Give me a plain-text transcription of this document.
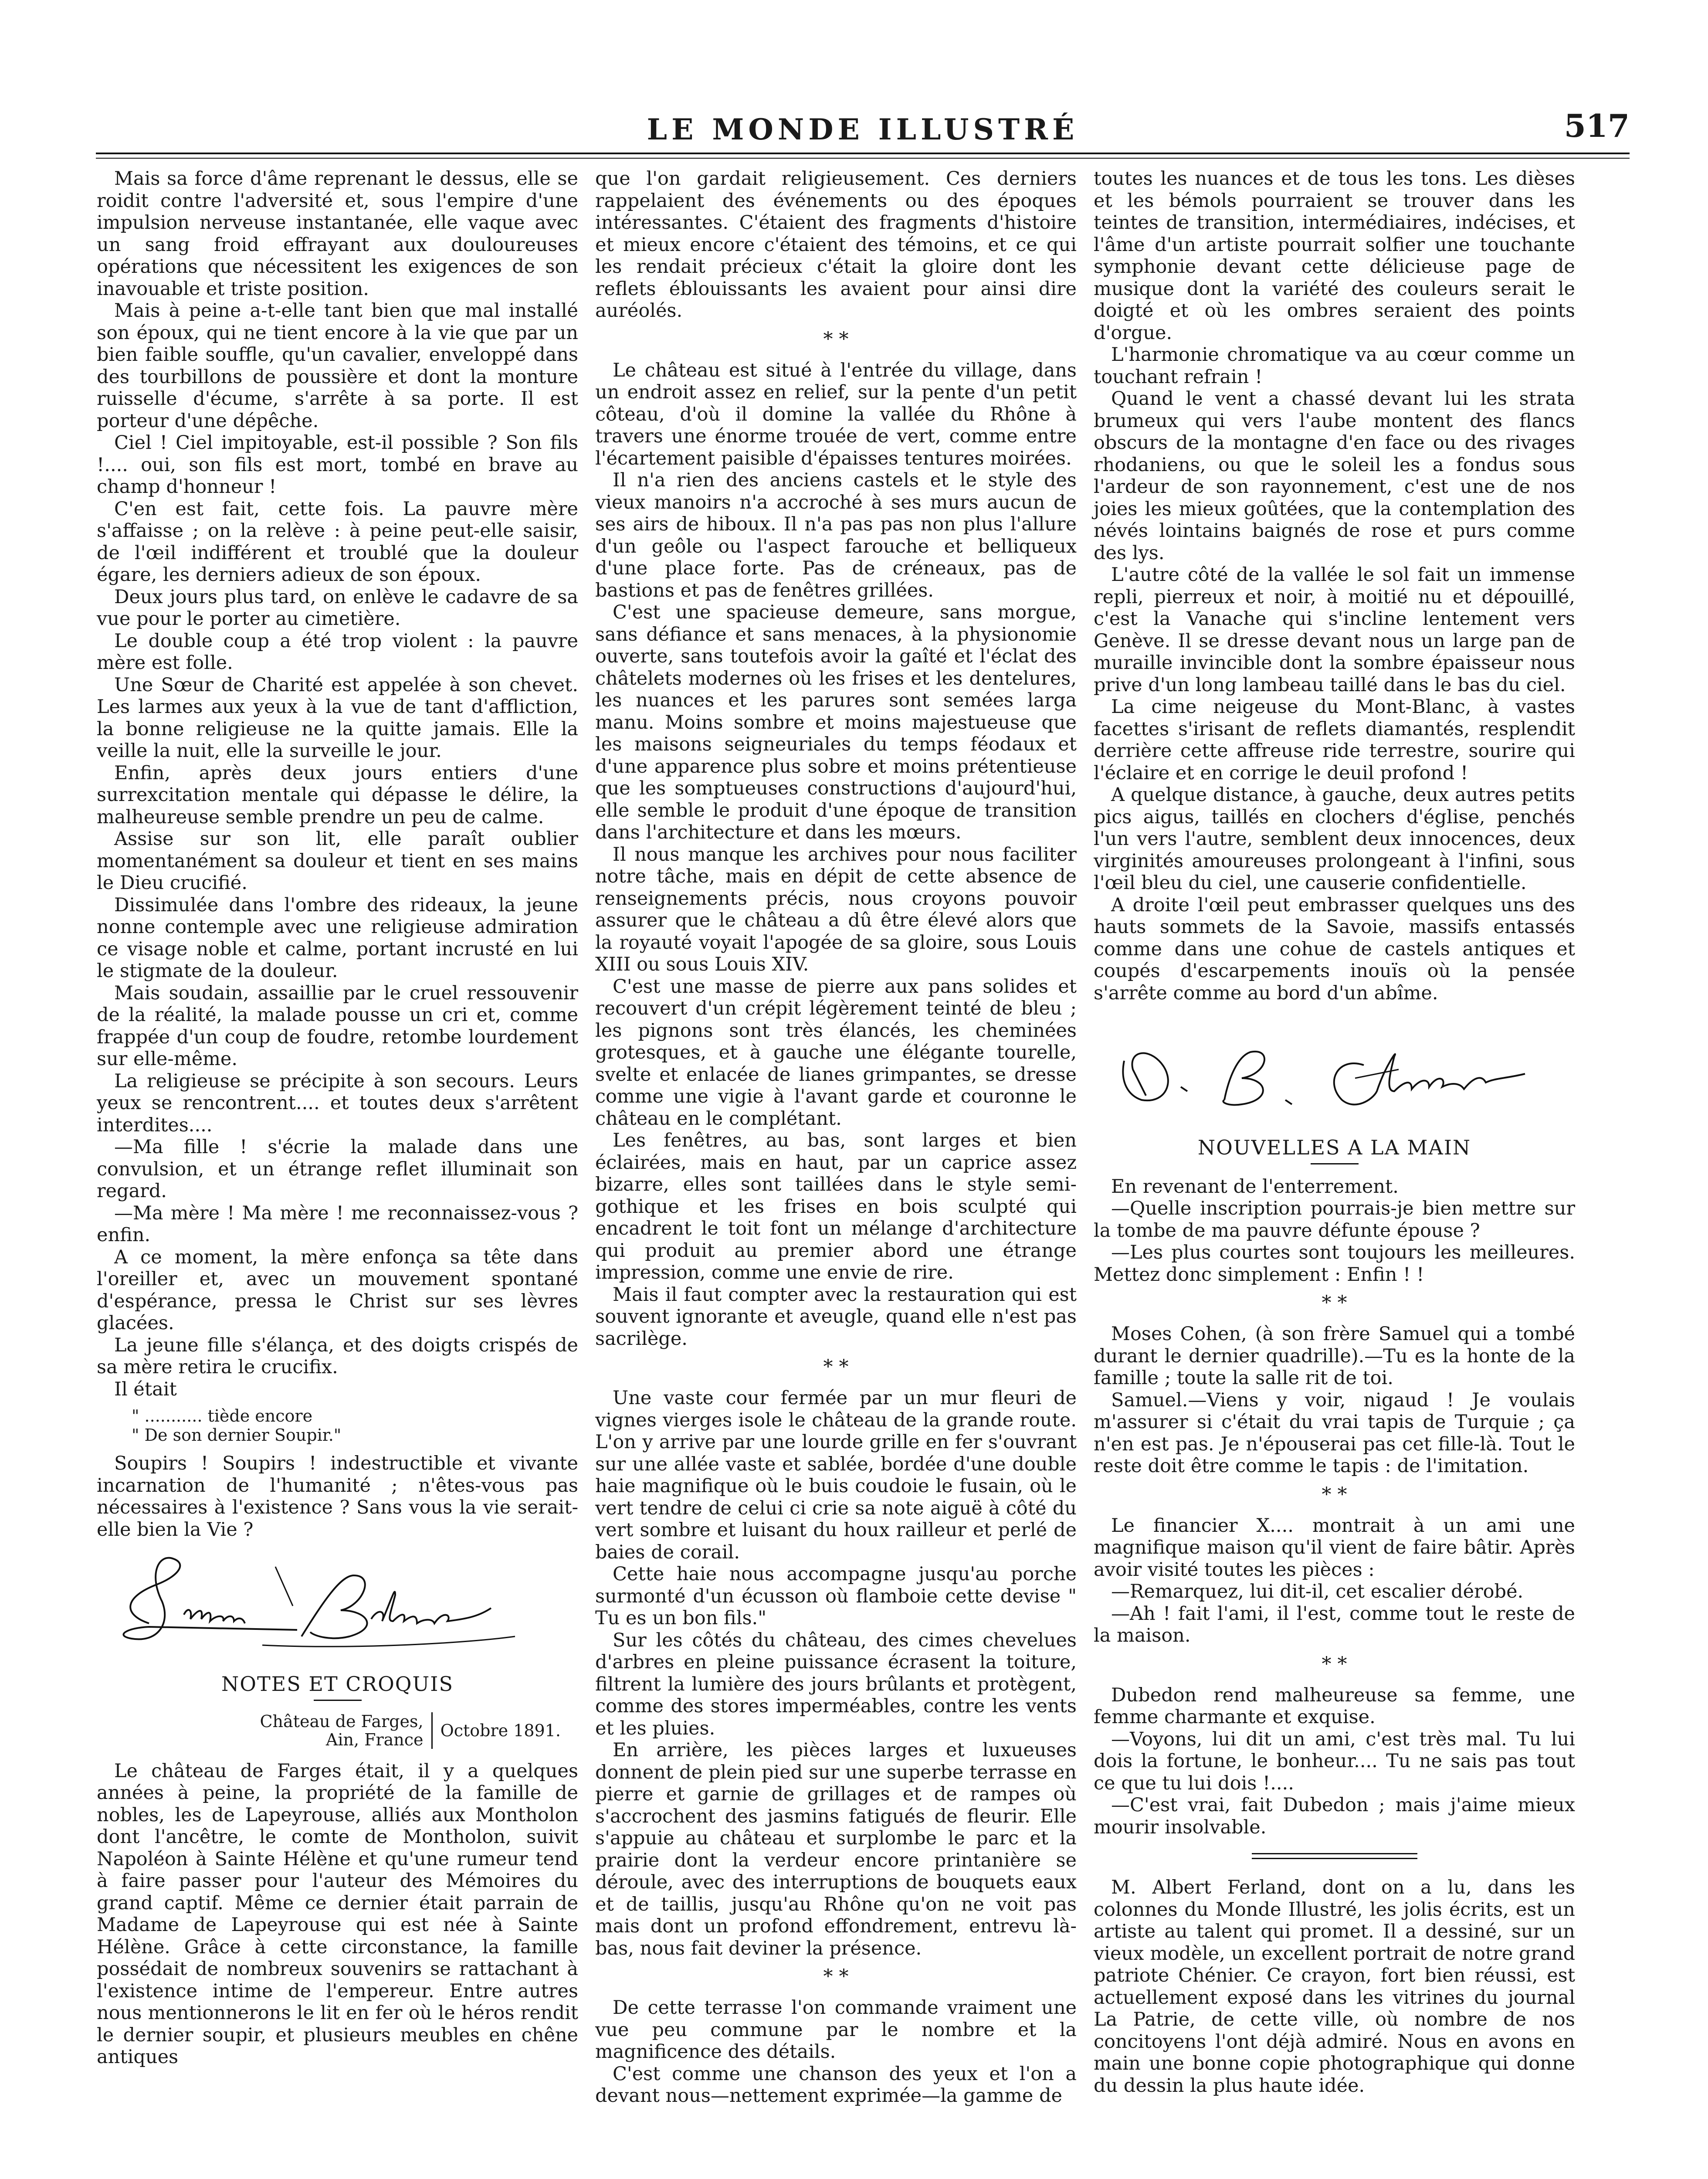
LE MONDE ILLUSTRÉ	517

Mais sa force d'âme reprenant le dessus, elle se roidit contre l'adversité et, sous l'empire d'une impulsion nerveuse instantanée, elle vaque avec un sang froid effrayant aux douloureuses opérations que nécessitent les exigences de son inavouable et triste position.

Mais à peine a-t-elle tant bien que mal installé son époux, qui ne tient encore à la vie que par un bien faible souffle, qu'un cavalier, enveloppé dans des tourbillons de poussière et dont la monture ruisselle d'écume, s'arrête à sa porte. Il est porteur d'une dépêche.

Ciel ! Ciel impitoyable, est-il possible ? Son fils !.... oui, son fils est mort, tombé en brave au champ d'honneur !

C'en est fait, cette fois. La pauvre mère s'affaisse ; on la relève : à peine peut-elle saisir, de l'œil indifférent et troublé que la douleur égare, les derniers adieux de son époux.

Deux jours plus tard, on enlève le cadavre de sa vue pour le porter au cimetière.

Le double coup a été trop violent : la pauvre mère est folle.

Une Sœur de Charité est appelée à son chevet. Les larmes aux yeux à la vue de tant d'affliction, la bonne religieuse ne la quitte jamais. Elle la veille la nuit, elle la surveille le jour.

Enfin, après deux jours entiers d'une surrexcitation mentale qui dépasse le délire, la malheureuse semble prendre un peu de calme.

Assise sur son lit, elle paraît oublier momentanément sa douleur et tient en ses mains le Dieu crucifié.

Dissimulée dans l'ombre des rideaux, la jeune nonne contemple avec une religieuse admiration ce visage noble et calme, portant incrusté en lui le stigmate de la douleur.

Mais soudain, assaillie par le cruel ressouvenir de la réalité, la malade pousse un cri et, comme frappée d'un coup de foudre, retombe lourdement sur elle-même.

La religieuse se précipite à son secours. Leurs yeux se rencontrent.... et toutes deux s'arrêtent interdites....

—Ma fille ! s'écrie la malade dans une convulsion, et un étrange reflet illuminait son regard.

—Ma mère ! Ma mère ! me reconnaissez-vous ? enfin.

A ce moment, la mère enfonça sa tête dans l'oreiller et, avec un mouvement spontané d'espérance, pressa le Christ sur ses lèvres glacées.

La jeune fille s'élança, et des doigts crispés de sa mère retira le crucifix.

Il était

" ........... tiède encore
" De son dernier Soupir."

Soupirs ! Soupirs ! indestructible et vivante incarnation de l'humanité ; n'êtes-vous pas nécessaires à l'existence ? Sans vous la vie serait-elle bien la Vie ?

NOTES ET CROQUIS
Château de Farges,
Ain, France	Octobre 1891.

Le château de Farges était, il y a quelques années à peine, la propriété de la famille de nobles, les de Lapeyrouse, alliés aux Montholon dont l'ancêtre, le comte de Montholon, suivit Napoléon à Sainte Hélène et qu'une rumeur tend à faire passer pour l'auteur des Mémoires du grand captif. Même ce dernier était parrain de Madame de Lapeyrouse qui est née à Sainte Hélène. Grâce à cette circonstance, la famille possédait de nombreux souvenirs se rattachant à l'existence intime de l'empereur. Entre autres nous mentionnerons le lit en fer où le héros rendit le dernier soupir, et plusieurs meubles en chêne antiques

que l'on gardait religieusement. Ces derniers rappelaient des événements ou des époques intéressantes. C'étaient des fragments d'histoire et mieux encore c'étaient des témoins, et ce qui les rendait précieux c'était la gloire dont les reflets éblouissants les avaient pour ainsi dire auréolés.

* *

Le château est situé à l'entrée du village, dans un endroit assez en relief, sur la pente d'un petit côteau, d'où il domine la vallée du Rhône à travers une énorme trouée de vert, comme entre l'écartement paisible d'épaisses tentures moirées.

Il n'a rien des anciens castels et le style des vieux manoirs n'a accroché à ses murs aucun de ses airs de hiboux. Il n'a pas pas non plus l'allure d'un geôle ou l'aspect farouche et belliqueux d'une place forte. Pas de créneaux, pas de bastions et pas de fenêtres grillées.

C'est une spacieuse demeure, sans morgue, sans défiance et sans menaces, à la physionomie ouverte, sans toutefois avoir la gaîté et l'éclat des châtelets modernes où les frises et les dentelures, les nuances et les parures sont semées larga manu. Moins sombre et moins majestueuse que les maisons seigneuriales du temps féodaux et d'une apparence plus sobre et moins prétentieuse que les somptueuses constructions d'aujourd'hui, elle semble le produit d'une époque de transition dans l'architecture et dans les mœurs.

Il nous manque les archives pour nous faciliter notre tâche, mais en dépit de cette absence de renseignements précis, nous croyons pouvoir assurer que le château a dû être élevé alors que la royauté voyait l'apogée de sa gloire, sous Louis XIII ou sous Louis XIV.

C'est une masse de pierre aux pans solides et recouvert d'un crépit légèrement teinté de bleu ; les pignons sont très élancés, les cheminées grotesques, et à gauche une élégante tourelle, svelte et enlacée de lianes grimpantes, se dresse comme une vigie à l'avant garde et couronne le château en le complétant.

Les fenêtres, au bas, sont larges et bien éclairées, mais en haut, par un caprice assez bizarre, elles sont taillées dans le style semi-gothique et les frises en bois sculpté qui encadrent le toit font un mélange d'architecture qui produit au premier abord une étrange impression, comme une envie de rire.

Mais il faut compter avec la restauration qui est souvent ignorante et aveugle, quand elle n'est pas sacrilège.

* *

Une vaste cour fermée par un mur fleuri de vignes vierges isole le château de la grande route. L'on y arrive par une lourde grille en fer s'ouvrant sur une allée vaste et sablée, bordée d'une double haie magnifique où le buis coudoie le fusain, où le vert tendre de celui ci crie sa note aiguë à côté du vert sombre et luisant du houx railleur et perlé de baies de corail.

Cette haie nous accompagne jusqu'au porche surmonté d'un écusson où flamboie cette devise " Tu es un bon fils."

Sur les côtés du château, des cimes chevelues d'arbres en pleine puissance écrasent la toiture, filtrent la lumière des jours brûlants et protègent, comme des stores imperméables, contre les vents et les pluies.

En arrière, les pièces larges et luxueuses donnent de plein pied sur une superbe terrasse en pierre et garnie de grillages et de rampes où s'accrochent des jasmins fatigués de fleurir. Elle s'appuie au château et surplombe le parc et la prairie dont la verdeur encore printanière se déroule, avec des interruptions de bouquets eaux et de taillis, jusqu'au Rhône qu'on ne voit pas mais dont un profond effondrement, entrevu là-bas, nous fait deviner la présence.

* *

De cette terrasse l'on commande vraiment une vue peu commune par le nombre et la magnificence des détails.

C'est comme une chanson des yeux et l'on a devant nous—nettement exprimée—la gamme de

toutes les nuances et de tous les tons. Les dièses et les bémols pourraient se trouver dans les teintes de transition, intermédiaires, indécises, et l'âme d'un artiste pourrait solfier une touchante symphonie devant cette délicieuse page de musique dont la variété des couleurs serait le doigté et où les ombres seraient des points d'orgue.

L'harmonie chromatique va au cœur comme un touchant refrain !

Quand le vent a chassé devant lui les strata brumeux qui vers l'aube montent des flancs obscurs de la montagne d'en face ou des rivages rhodaniens, ou que le soleil les a fondus sous l'ardeur de son rayonnement, c'est une de nos joies les mieux goûtées, que la contemplation des névés lointains baignés de rose et purs comme des lys.

L'autre côté de la vallée le sol fait un immense repli, pierreux et noir, à moitié nu et dépouillé, c'est la Vanache qui s'incline lentement vers Genève. Il se dresse devant nous un large pan de muraille invincible dont la sombre épaisseur nous prive d'un long lambeau taillé dans le bas du ciel.

La cime neigeuse du Mont-Blanc, à vastes facettes s'irisant de reflets diamantés, resplendit derrière cette affreuse ride terrestre, sourire qui l'éclaire et en corrige le deuil profond !

A quelque distance, à gauche, deux autres petits pics aigus, taillés en clochers d'église, penchés l'un vers l'autre, semblent deux innocences, deux virginités amoureuses prolongeant à l'infini, sous l'œil bleu du ciel, une causerie confidentielle.

A droite l'œil peut embrasser quelques uns des hauts sommets de la Savoie, massifs entassés comme dans une cohue de castels antiques et coupés d'escarpements inouïs où la pensée s'arrête comme au bord d'un abîme.

NOUVELLES A LA MAIN

En revenant de l'enterrement.

—Quelle inscription pourrais-je bien mettre sur la tombe de ma pauvre défunte épouse ?

—Les plus courtes sont toujours les meilleures. Mettez donc simplement : Enfin ! !

* *

Moses Cohen, (à son frère Samuel qui a tombé durant le dernier quadrille).—Tu es la honte de la famille ; toute la salle rit de toi.

Samuel.—Viens y voir, nigaud ! Je voulais m'assurer si c'était du vrai tapis de Turquie ; ça n'en est pas. Je n'épouserai pas cet fille-là. Tout le reste doit être comme le tapis : de l'imitation.

* *

Le financier X.... montrait à un ami une magnifique maison qu'il vient de faire bâtir. Après avoir visité toutes les pièces :

—Remarquez, lui dit-il, cet escalier dérobé.

—Ah ! fait l'ami, il l'est, comme tout le reste de la maison.

* *

Dubedon rend malheureuse sa femme, une femme charmante et exquise.

—Voyons, lui dit un ami, c'est très mal. Tu lui dois la fortune, le bonheur.... Tu ne sais pas tout ce que tu lui dois !....

—C'est vrai, fait Dubedon ; mais j'aime mieux mourir insolvable.

M. Albert Ferland, dont on a lu, dans les colonnes du Monde Illustré, les jolis écrits, est un artiste au talent qui promet. Il a dessiné, sur un vieux modèle, un excellent portrait de notre grand patriote Chénier. Ce crayon, fort bien réussi, est actuellement exposé dans les vitrines du journal La Patrie, de cette ville, où nombre de nos concitoyens l'ont déjà admiré. Nous en avons en main une bonne copie photographique qui donne du dessin la plus haute idée.
